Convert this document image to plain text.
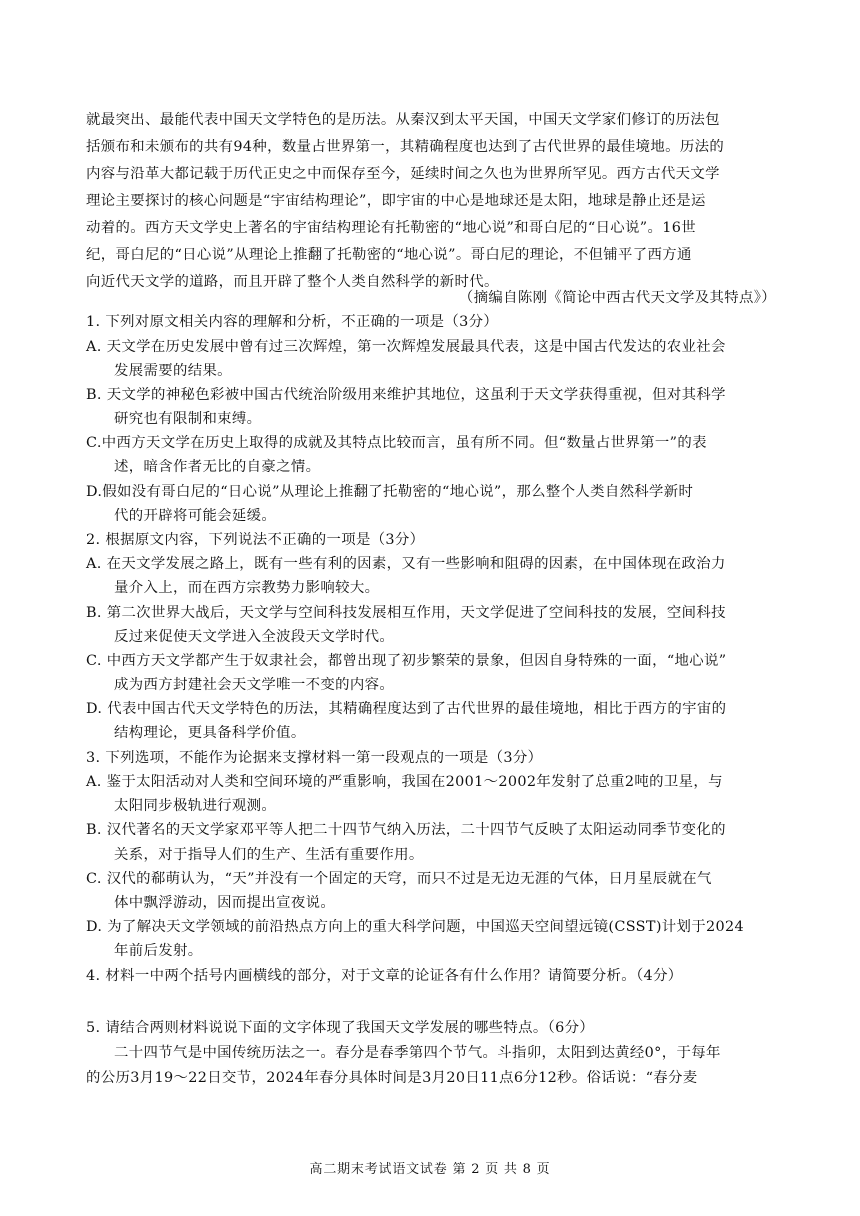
就最突出、最能代表中国天文学特色的是历法。从秦汉到太平天国，中国天文学家们修订的历法包
括颁布和未颁布的共有94种，数量占世界第一，其精确程度也达到了古代世界的最佳境地。历法的
内容与沿革大都记载于历代正史之中而保存至今，延续时间之久也为世界所罕见。西方古代天文学
理论主要探讨的核心问题是“宇宙结构理论”，即宇宙的中心是地球还是太阳，地球是静止还是运
动着的。西方天文学史上著名的宇宙结构理论有托勒密的“地心说”和哥白尼的“日心说”。16世
纪，哥白尼的“日心说”从理论上推翻了托勒密的“地心说”。哥白尼的理论，不但铺平了西方通
向近代天文学的道路，而且开辟了整个人类自然科学的新时代。
（摘编自陈刚《简论中西古代天文学及其特点》）
1. 下列对原文相关内容的理解和分析，不正确的一项是（3分）
A. 天文学在历史发展中曾有过三次辉煌，第一次辉煌发展最具代表，这是中国古代发达的农业社会
发展需要的结果。
B. 天文学的神秘色彩被中国古代统治阶级用来维护其地位，这虽利于天文学获得重视，但对其科学
研究也有限制和束缚。
C.中西方天文学在历史上取得的成就及其特点比较而言，虽有所不同。但“数量占世界第一”的表
述，暗含作者无比的自豪之情。
D.假如没有哥白尼的“日心说”从理论上推翻了托勒密的“地心说”，那么整个人类自然科学新时
代的开辟将可能会延缓。
2. 根据原文内容，下列说法不正确的一项是（3分）
A. 在天文学发展之路上，既有一些有利的因素，又有一些影响和阻碍的因素，在中国体现在政治力
量介入上，而在西方宗教势力影响较大。
B. 第二次世界大战后，天文学与空间科技发展相互作用，天文学促进了空间科技的发展，空间科技
反过来促使天文学进入全波段天文学时代。
C. 中西方天文学都产生于奴隶社会，都曾出现了初步繁荣的景象，但因自身特殊的一面，“地心说”
成为西方封建社会天文学唯一不变的内容。
D. 代表中国古代天文学特色的历法，其精确程度达到了古代世界的最佳境地，相比于西方的宇宙的
结构理论，更具备科学价值。
3. 下列选项，不能作为论据来支撑材料一第一段观点的一项是（3分）
A. 鉴于太阳活动对人类和空间环境的严重影响，我国在2001～2002年发射了总重2吨的卫星，与
太阳同步极轨进行观测。
B. 汉代著名的天文学家邓平等人把二十四节气纳入历法，二十四节气反映了太阳运动同季节变化的
关系，对于指导人们的生产、生活有重要作用。
C. 汉代的郗萌认为，“天”并没有一个固定的天穹，而只不过是无边无涯的气体，日月星辰就在气
体中飘浮游动，因而提出宣夜说。
D. 为了解决天文学领域的前沿热点方向上的重大科学问题，中国巡天空间望远镜(CSST)计划于2024
年前后发射。
4. 材料一中两个括号内画横线的部分，对于文章的论证各有什么作用？请简要分析。（4分）
5. 请结合两则材料说说下面的文字体现了我国天文学发展的哪些特点。（6分）
二十四节气是中国传统历法之一。春分是春季第四个节气。斗指卯，太阳到达黄经0°，于每年
的公历3月19～22日交节，2024年春分具体时间是3月20日11点6分12秒。俗话说：“春分麦
高二期末考试语文试卷 第 2 页 共 8 页
